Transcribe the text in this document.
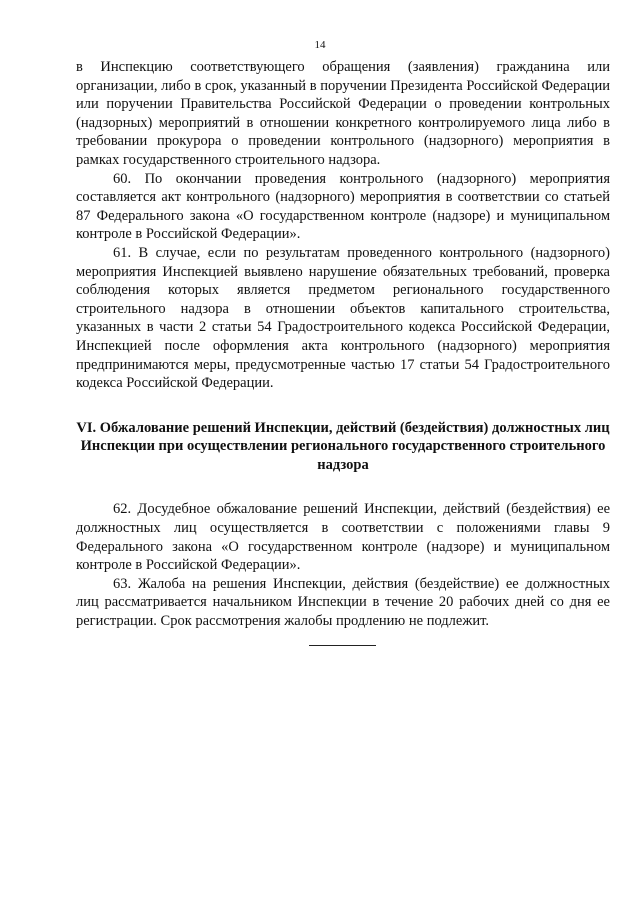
14

в Инспекцию соответствующего обращения (заявления) гражданина или организации, либо в срок, указанный в поручении Президента Российской Федерации или поручении Правительства Российской Федерации о проведении контрольных (надзорных) мероприятий в отношении конкретного контролируемого лица либо в требовании прокурора о проведении контрольного (надзорного) мероприятия в рамках государственного строительного надзора.

60. По окончании проведения контрольного (надзорного) мероприятия составляется акт контрольного (надзорного) мероприятия в соответствии со статьей 87 Федерального закона «О государственном контроле (надзоре) и муниципальном контроле в Российской Федерации».

61. В случае, если по результатам проведенного контрольного (надзорного) мероприятия Инспекцией выявлено нарушение обязательных требований, проверка соблюдения которых является предметом регионального государственного строительного надзора в отношении объектов капитального строительства, указанных в части 2 статьи 54 Градостроительного кодекса Российской Федерации, Инспекцией после оформления акта контрольного (надзорного) мероприятия предпринимаются меры, предусмотренные частью 17 статьи 54 Градостроительного кодекса Российской Федерации.

VI. Обжалование решений Инспекции, действий (бездействия) должностных лиц Инспекции при осуществлении регионального государственного строительного надзора

62. Досудебное обжалование решений Инспекции, действий (бездействия) ее должностных лиц осуществляется в соответствии с положениями главы 9 Федерального закона «О государственном контроле (надзоре) и муниципальном контроле в Российской Федерации».

63. Жалоба на решения Инспекции, действия (бездействие) ее должностных лиц рассматривается начальником Инспекции в течение 20 рабочих дней со дня ее регистрации. Срок рассмотрения жалобы продлению не подлежит.
